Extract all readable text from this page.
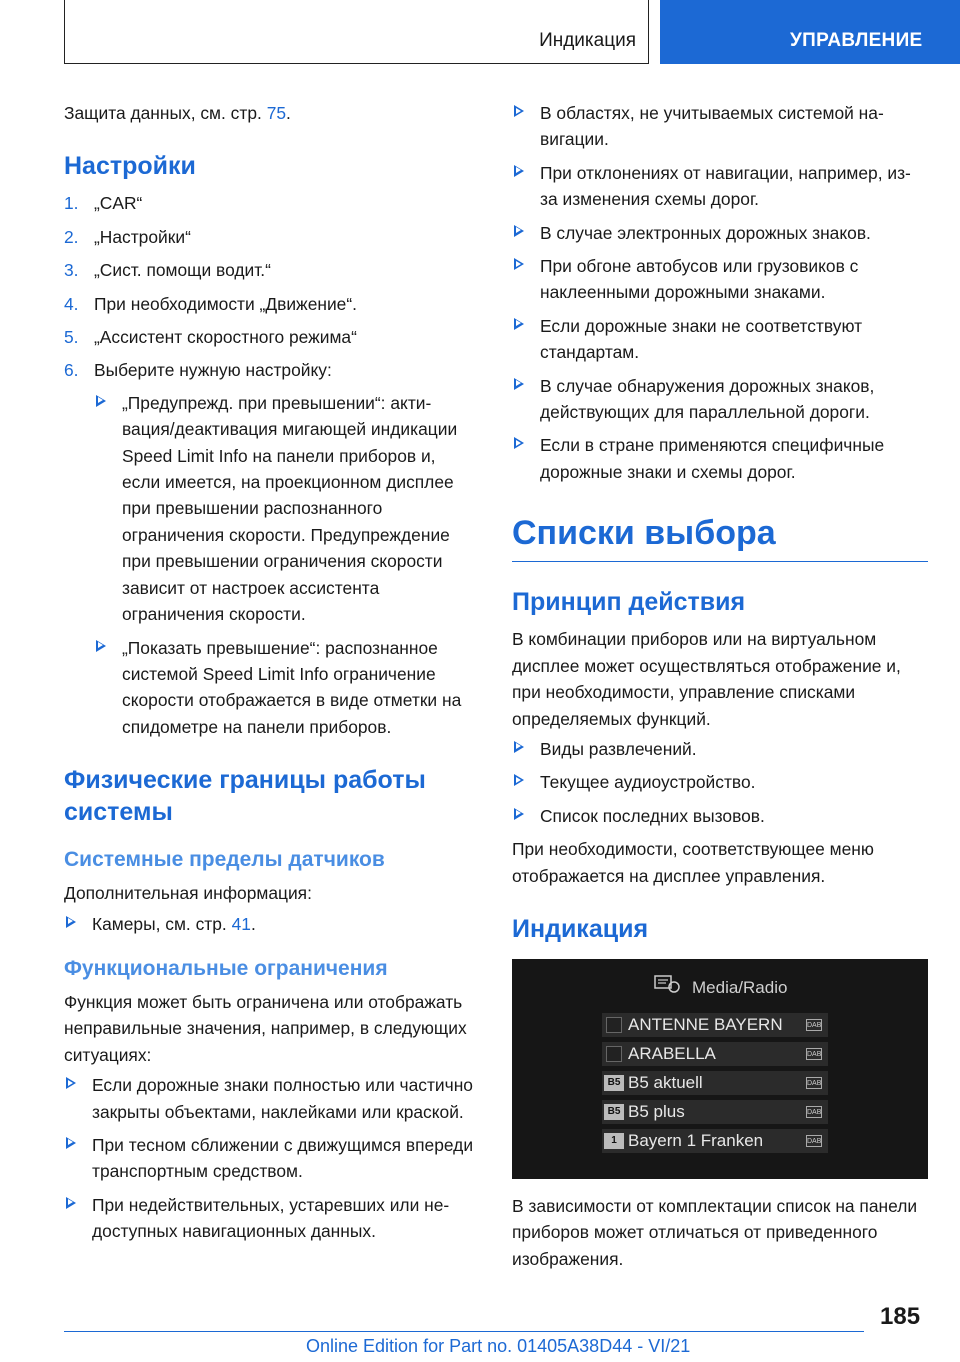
Индикация	УПРАВЛЕНИЕ

Защита данных, см. стр. 75.

Настройки
1. „CAR“
2. „Настройки“
3. „Сист. помощи водит.“
4. При необходимости „Движение“.
5. „Ассистент скоростного режима“
6. Выберите нужную настройку:
„Предупрежд. при превышении“: активация/деактивация мигающей индикации Speed Limit Info на панели приборов и, если имеется, на проекционном дисплее при превышении распознанного ограничения скорости. Предупреждение при превышении ограничения скорости зависит от настроек ассистента ограничения скорости.
„Показать превышение“: распознанное системой Speed Limit Info ограничение скорости отображается в виде отметки на спидометре на панели приборов.
Физические границы работы системы
Системные пределы датчиков

Дополнительная информация:

Камеры, см. стр. 41.
Функциональные ограничения

Функция может быть ограничена или отображать неправильные значения, например, в следующих ситуациях:

Если дорожные знаки полностью или частично закрыты объектами, наклейками или краской.
При тесном сближении с движущимся впереди транспортным средством.
При недействительных, устаревших или недоступных навигационных данных.
В областях, не учитываемых системой навигации.
При отклонениях от навигации, например, из-за изменения схемы дорог.
В случае электронных дорожных знаков.
При обгоне автобусов или грузовиков с наклеенными дорожными знаками.
Если дорожные знаки не соответствуют стандартам.
В случае обнаружения дорожных знаков, действующих для параллельной дороги.
Если в стране применяются специфичные дорожные знаки и схемы дорог.
Списки выбора
Принцип действия

В комбинации приборов или на виртуальном дисплее может осуществляться отображение и, при необходимости, управление списками определяемых функций.

Виды развлечений.
Текущее аудиоустройство.
Список последних вызовов.

При необходимости, соответствующее меню отображается на дисплее управления.

Индикация
Media/Radio
ANTENNE BAYERN	DAB
ARABELLA	DAB
B5 B5 aktuell	DAB
B5 B5 plus	DAB
1 Bayern 1 Franken	DAB

В зависимости от комплектации список на панели приборов может отличаться от приведенного изображения.

185
Online Edition for Part no. 01405A38D44 - VI/21
